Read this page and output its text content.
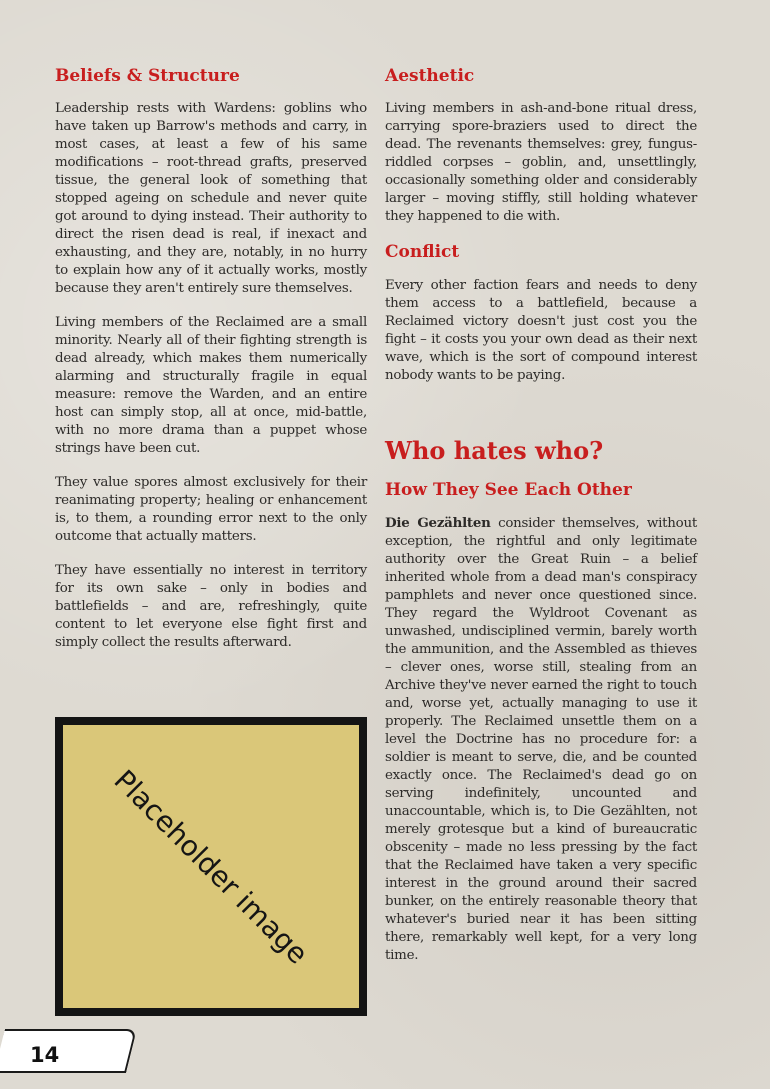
Beliefs & Structure

Leadership rests with Wardens: goblins who have taken up Barrow's methods and carry, in most cases, at least a few of his same modifications – root-thread grafts, preserved tissue, the general look of something that stopped ageing on schedule and never quite got around to dying instead. Their authority to direct the risen dead is real, if inexact and exhausting, and they are, notably, in no hurry to explain how any of it actually works, mostly because they aren't entirely sure themselves.

Living members of the Reclaimed are a small minority. Nearly all of their fighting strength is dead already, which makes them numerically alarming and structurally fragile in equal measure: remove the Warden, and an entire host can simply stop, all at once, mid-battle, with no more drama than a puppet whose strings have been cut.

They value spores almost exclusively for their reanimating property; healing or enhancement is, to them, a rounding error next to the only outcome that actually matters.

They have essentially no interest in territory for its own sake – only in bodies and battlefields – and are, refreshingly, quite content to let everyone else fight first and simply collect the results afterward.

Placeholder image
Aesthetic

Living members in ash-and-bone ritual dress, carrying spore-braziers used to direct the dead. The revenants themselves: grey, fungus-riddled corpses – goblin, and, unsettlingly, occasionally something older and considerably larger – moving stiffly, still holding whatever they happened to die with.

Conflict

Every other faction fears and needs to deny them access to a battlefield, because a Reclaimed victory doesn't just cost you the fight – it costs you your own dead as their next wave, which is the sort of compound interest nobody wants to be paying.

Who hates who?
How They See Each Other

Die Gezählten consider themselves, without exception, the rightful and only legitimate authority over the Great Ruin – a belief inherited whole from a dead man's conspiracy pamphlets and never once questioned since. They regard the Wyldroot Covenant as unwashed, undisciplined vermin, barely worth the ammunition, and the Assembled as thieves – clever ones, worse still, stealing from an Archive they've never earned the right to touch and, worse yet, actually managing to use it properly. The Reclaimed unsettle them on a level the Doctrine has no procedure for: a soldier is meant to serve, die, and be counted exactly once. The Reclaimed's dead go on serving indefinitely, uncounted and unaccountable, which is, to Die Gezählten, not merely grotesque but a kind of bureaucratic obscenity – made no less pressing by the fact that the Reclaimed have taken a very specific interest in the ground around their sacred bunker, on the entirely reasonable theory that whatever's buried near it has been sitting there, remarkably well kept, for a very long time.

14
